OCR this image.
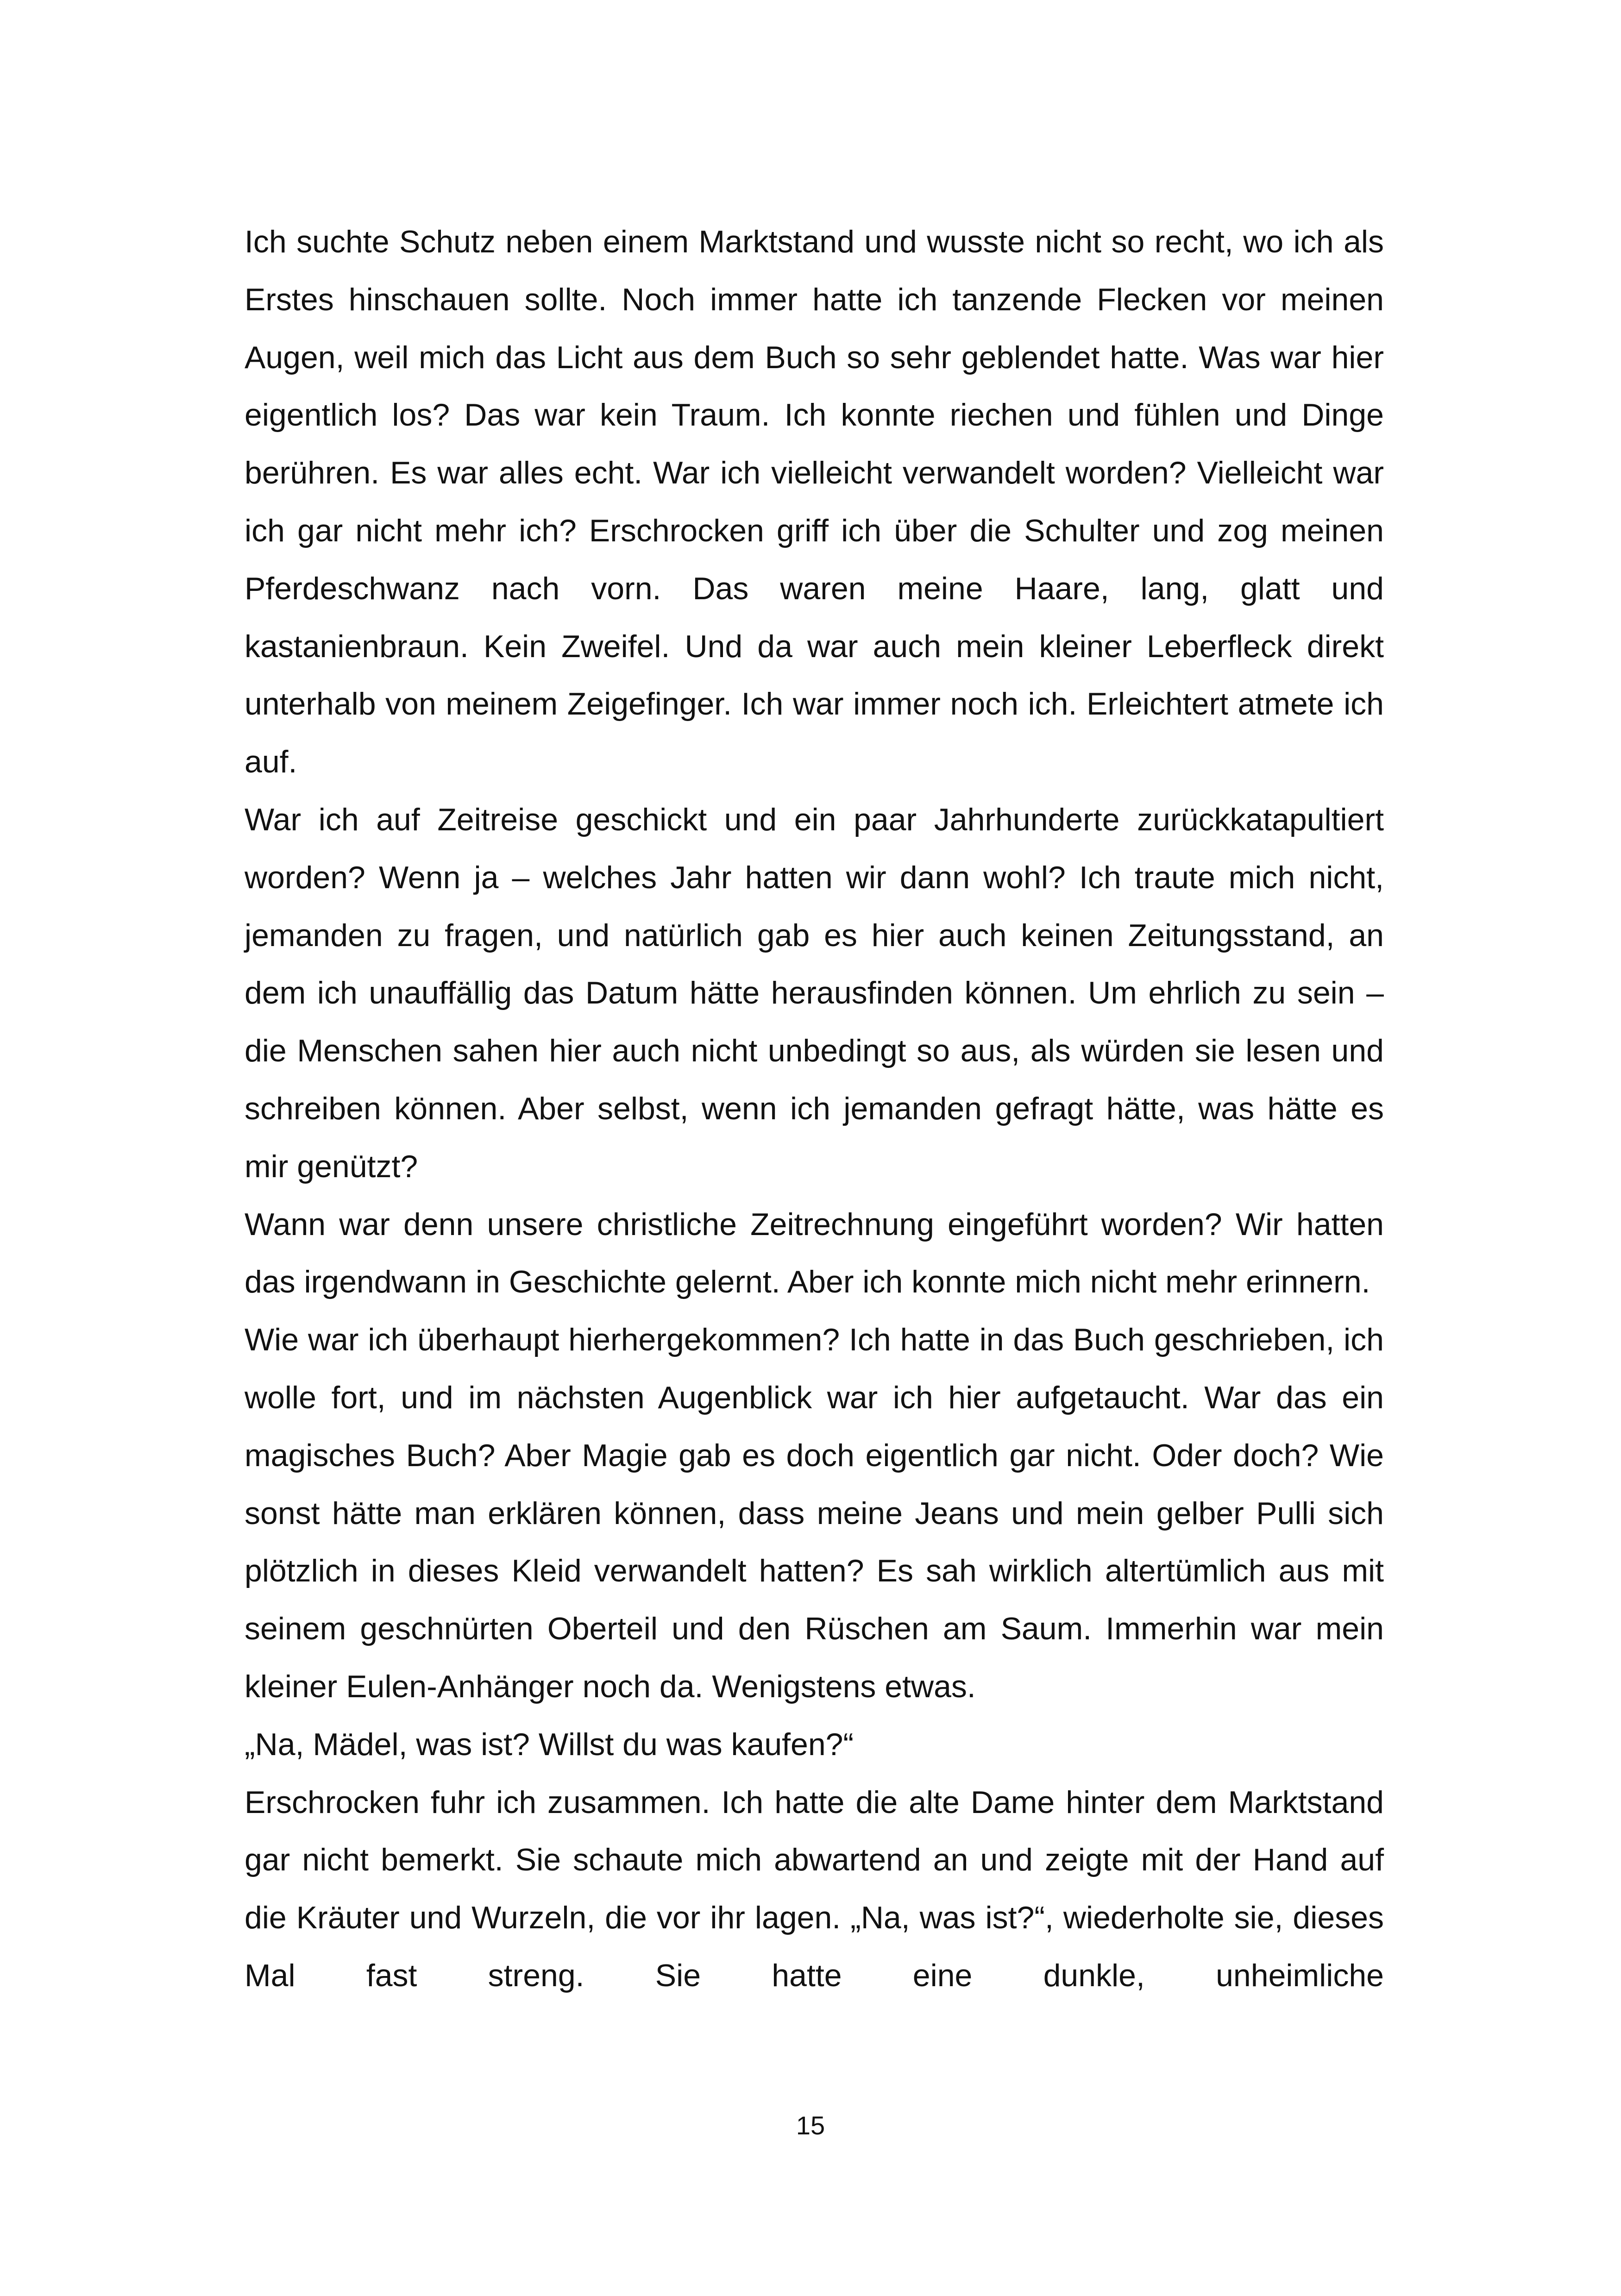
Ich suchte Schutz neben einem Marktstand und wusste nicht so recht, wo ich als Erstes hinschauen sollte. Noch immer hatte ich tanzende Flecken vor meinen Augen, weil mich das Licht aus dem Buch so sehr geblendet hatte. Was war hier eigentlich los? Das war kein Traum. Ich konnte riechen und fühlen und Dinge berühren. Es war alles echt. War ich vielleicht verwandelt worden? Vielleicht war ich gar nicht mehr ich? Erschrocken griff ich über die Schulter und zog meinen Pferdeschwanz nach vorn. Das waren meine Haare, lang, glatt und kastanienbraun. Kein Zweifel. Und da war auch mein kleiner Leberfleck direkt unterhalb von meinem Zeigefinger. Ich war immer noch ich. Erleichtert atmete ich auf.

War ich auf Zeitreise geschickt und ein paar Jahrhunderte zurückkatapultiert worden? Wenn ja – welches Jahr hatten wir dann wohl? Ich traute mich nicht, jemanden zu fragen, und natürlich gab es hier auch keinen Zeitungsstand, an dem ich unauffällig das Datum hätte herausfinden können. Um ehrlich zu sein – die Menschen sahen hier auch nicht unbedingt so aus, als würden sie lesen und schreiben können. Aber selbst, wenn ich jemanden gefragt hätte, was hätte es mir genützt?

Wann war denn unsere christliche Zeitrechnung eingeführt worden? Wir hatten das irgendwann in Geschichte gelernt. Aber ich konnte mich nicht mehr erinnern.

Wie war ich überhaupt hierhergekommen? Ich hatte in das Buch geschrieben, ich wolle fort, und im nächsten Augenblick war ich hier aufgetaucht. War das ein magisches Buch? Aber Magie gab es doch eigentlich gar nicht. Oder doch? Wie sonst hätte man erklären können, dass meine Jeans und mein gelber Pulli sich plötzlich in dieses Kleid verwandelt hatten? Es sah wirklich altertümlich aus mit seinem geschnürten Oberteil und den Rüschen am Saum. Immerhin war mein kleiner Eulen-Anhänger noch da. Wenigstens etwas.

„Na, Mädel, was ist? Willst du was kaufen?“

Erschrocken fuhr ich zusammen. Ich hatte die alte Dame hinter dem Marktstand gar nicht bemerkt. Sie schaute mich abwartend an und zeigte mit der Hand auf die Kräuter und Wurzeln, die vor ihr lagen. „Na, was ist?“, wiederholte sie, dieses Mal fast streng. Sie hatte eine dunkle, unheimliche

15
